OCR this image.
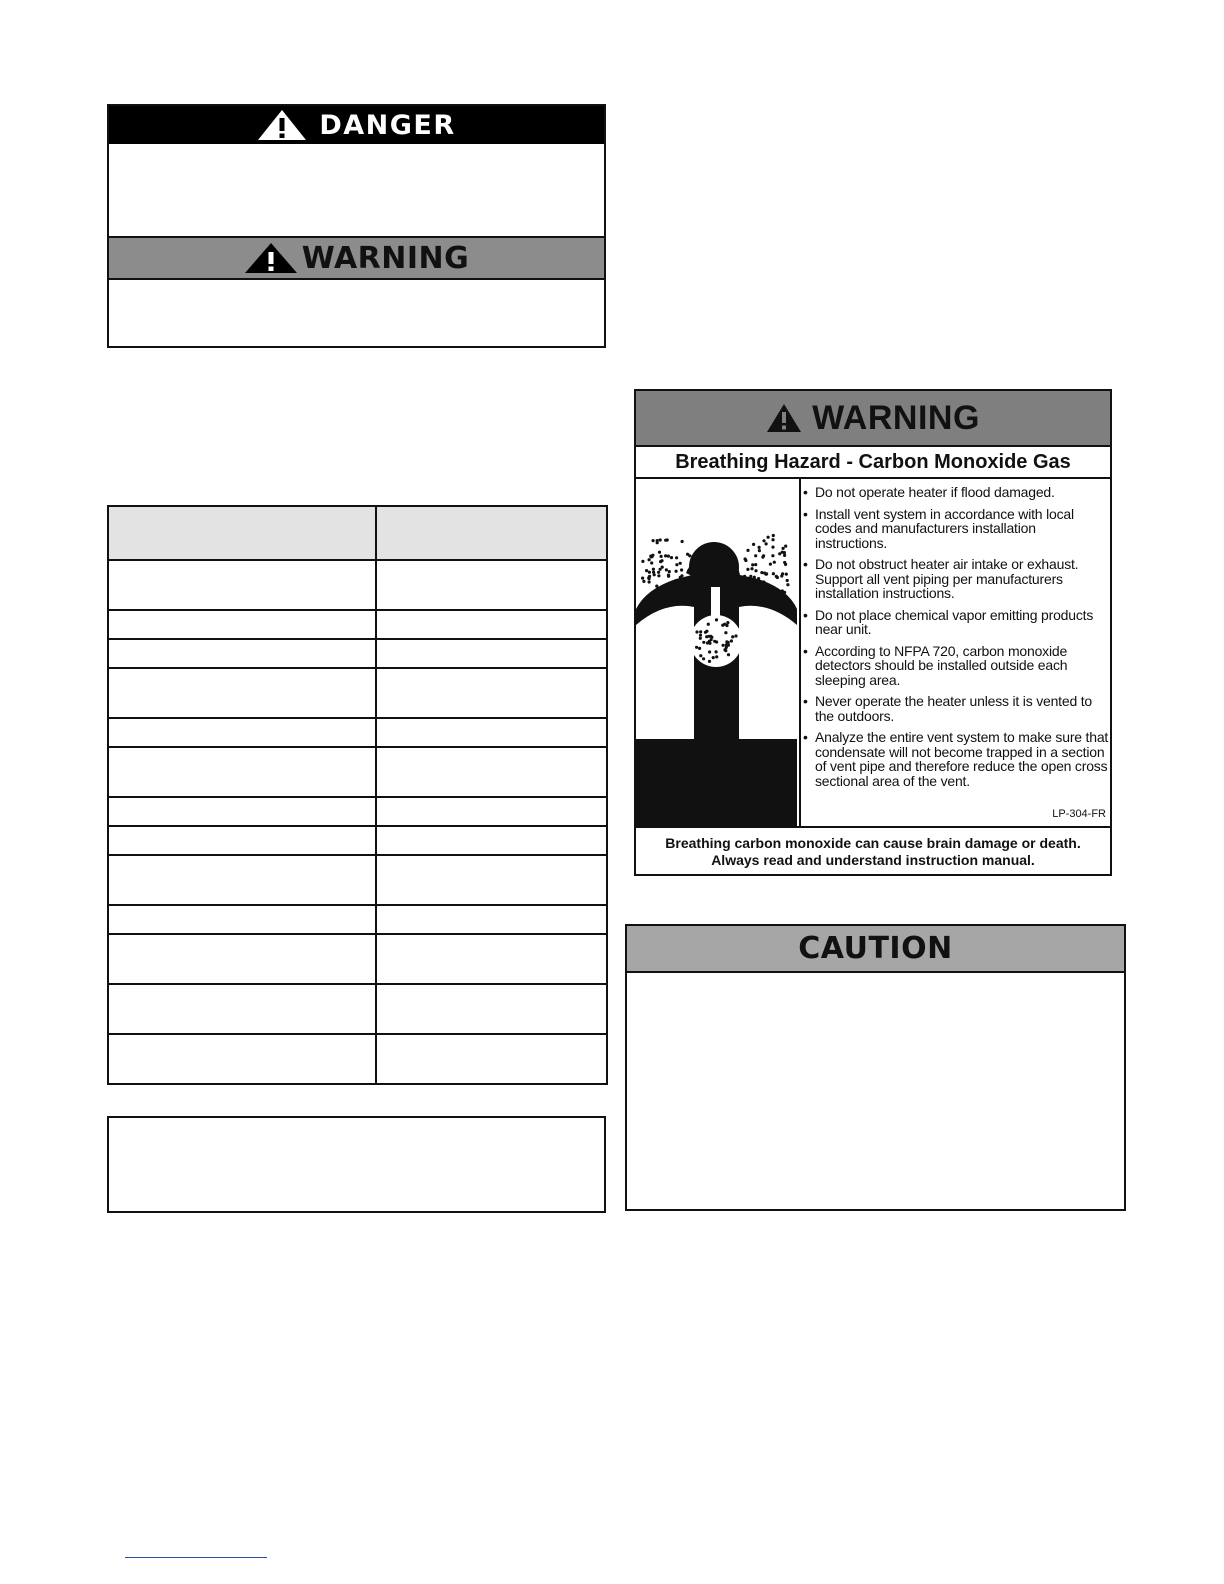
DANGER
WARNING

WARNING
Breathing Hazard - Carbon Monoxide Gas
• Do not operate heater if flood damaged.
• Install vent system in accordance with local codes and manufacturers installation instructions.
• Do not obstruct heater air intake or exhaust. Support all vent piping per manufacturers installation instructions.
• Do not place chemical vapor emitting products near unit.
• According to NFPA 720, carbon monoxide detectors should be installed outside each sleeping area.
• Never operate the heater unless it is vented to the outdoors.
• Analyze the entire vent system to make sure that condensate will not become trapped in a section of vent pipe and therefore reduce the open cross sectional area of the vent.
LP-304-FR
Breathing carbon monoxide can cause brain damage or death.
Always read and understand instruction manual.
CAUTION
